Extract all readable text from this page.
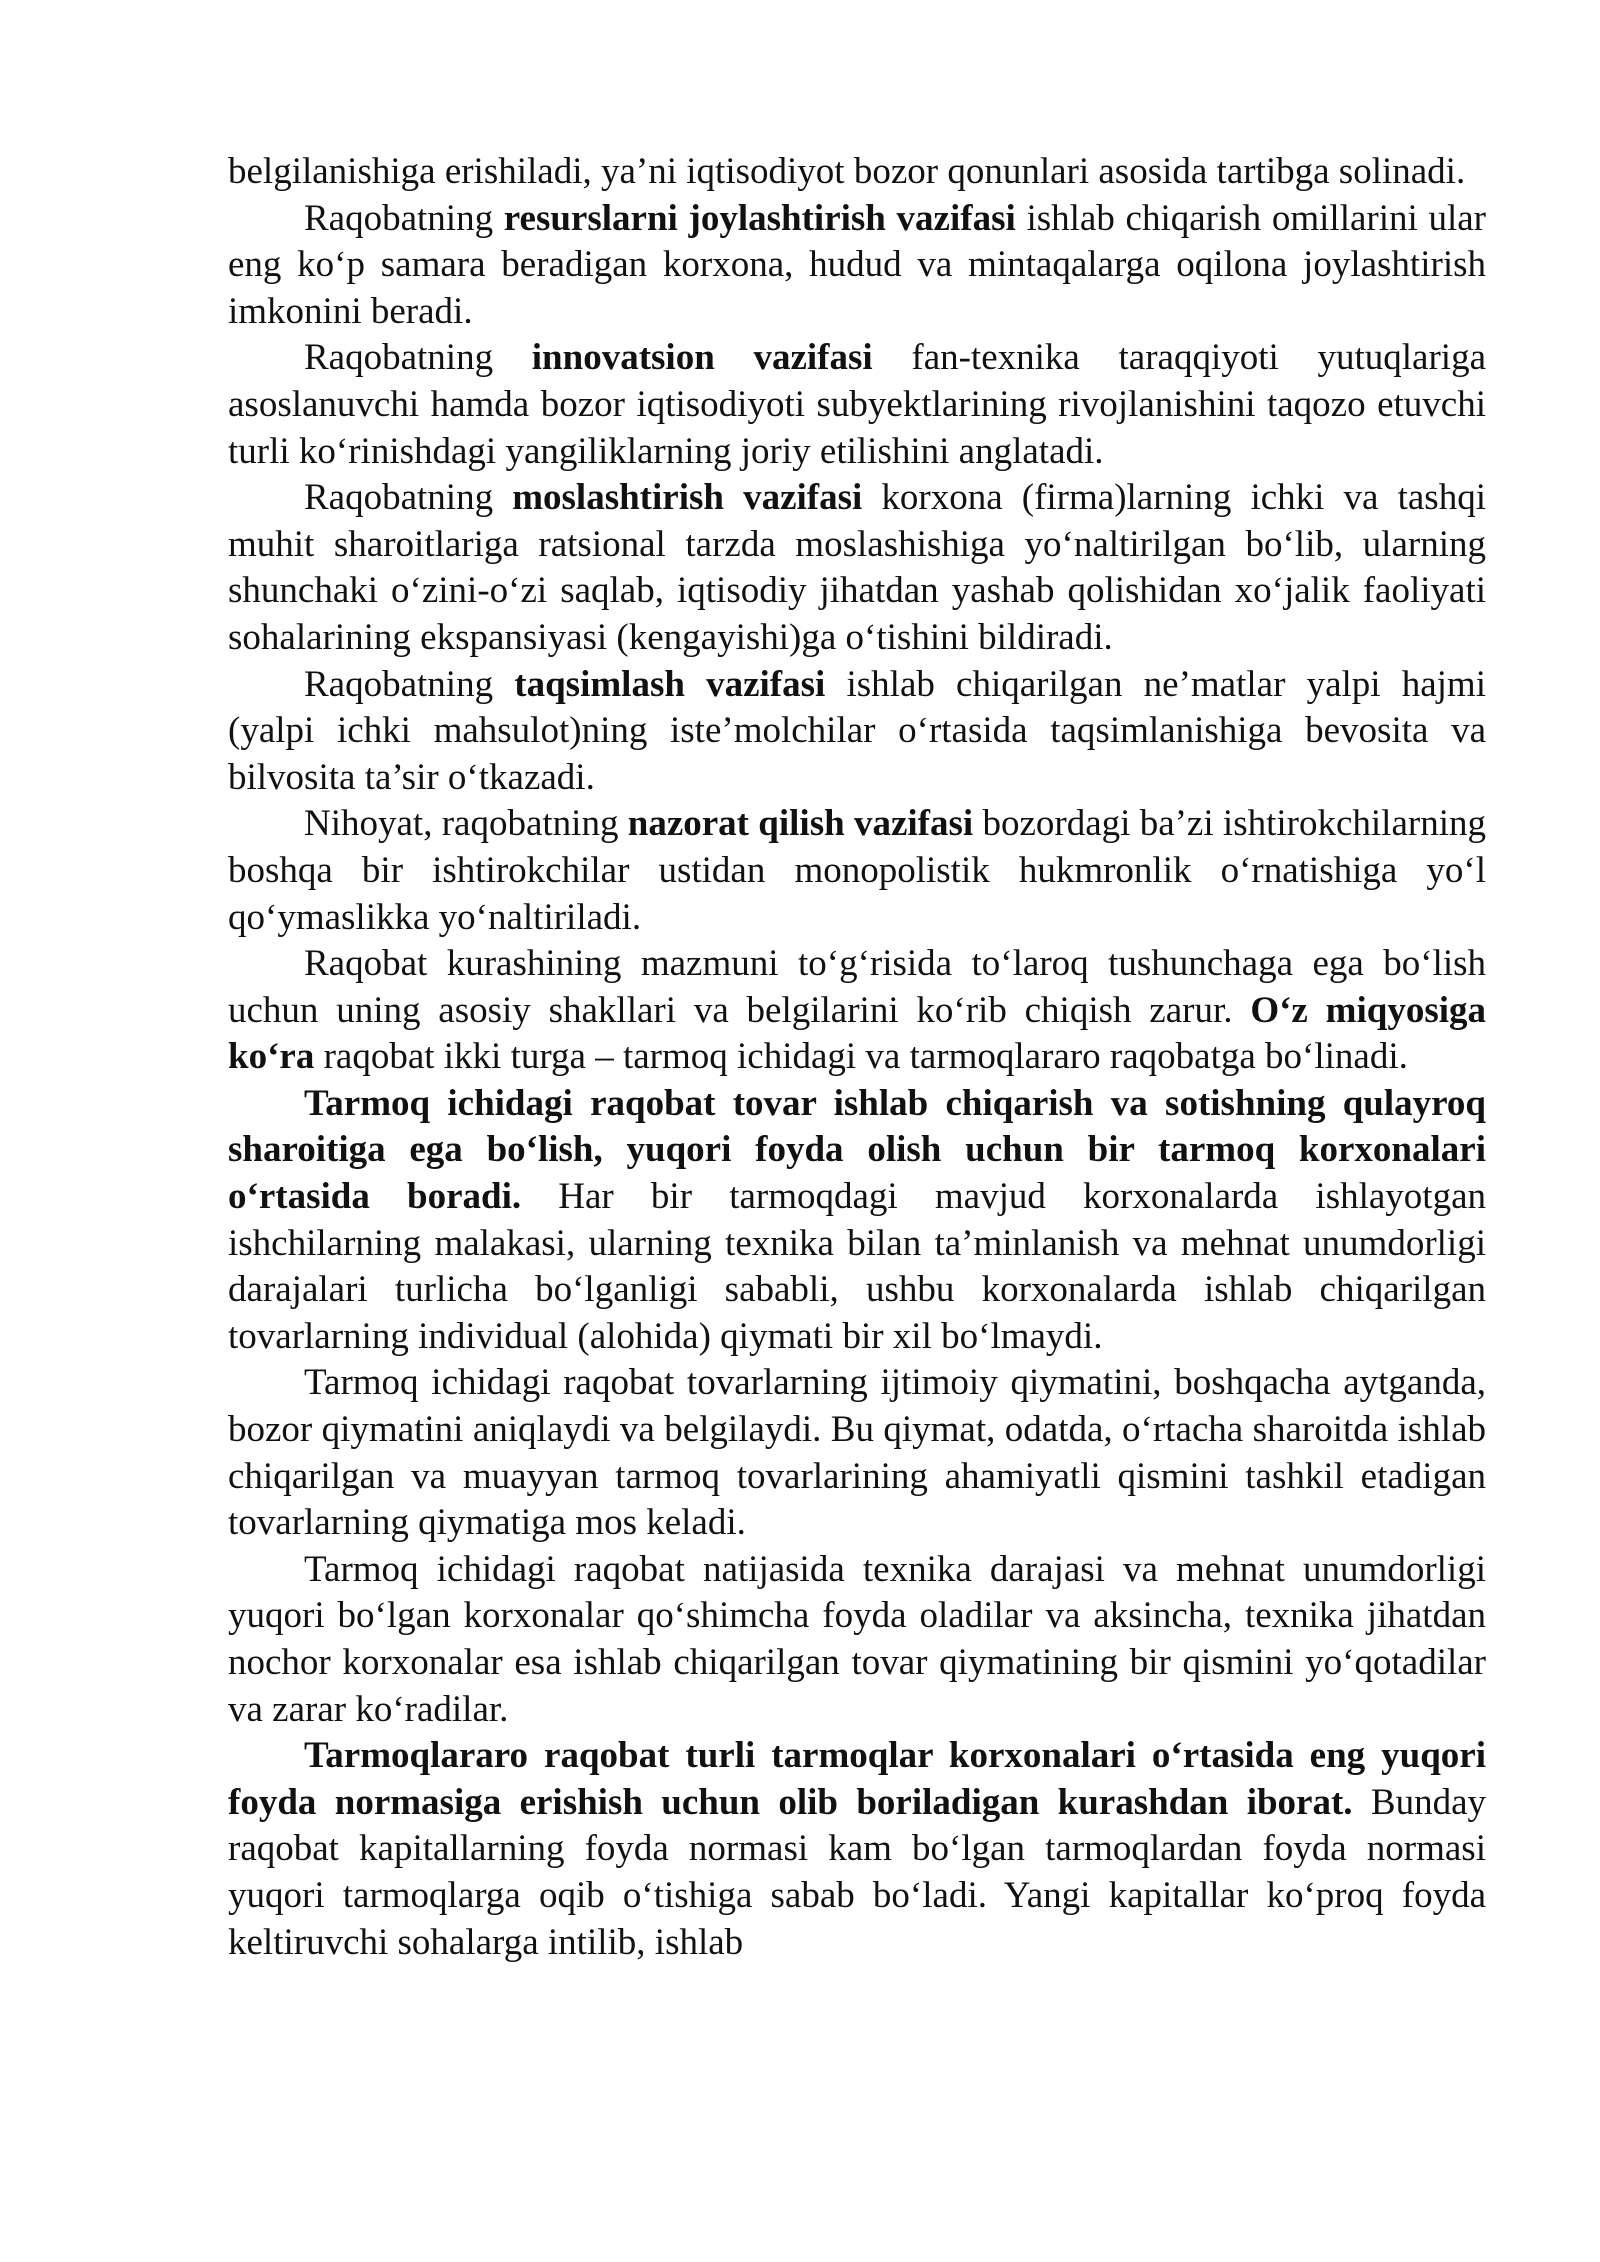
belgilanishiga erishiladi, ya’ni iqtisodiyot bozor qonunlari asosida tartibga solinadi.

Raqobatning resurslarni joylashtirish vazifasi ishlab chiqarish omillarini ular eng ko‘p samara beradigan korxona, hudud va mintaqalarga oqilona joylashtirish imkonini beradi.

Raqobatning innovatsion vazifasi fan-texnika taraqqiyoti yutuqlariga asoslanuvchi hamda bozor iqtisodiyoti subyektlarining rivojlanishini taqozo etuvchi turli ko‘rinishdagi yangiliklarning joriy etilishini anglatadi.

Raqobatning moslashtirish vazifasi korxona (firma)larning ichki va tashqi muhit sharoitlariga ratsional tarzda moslashishiga yo‘naltirilgan bo‘lib, ularning shunchaki o‘zini-o‘zi saqlab, iqtisodiy jihatdan yashab qolishidan xo‘jalik faoliyati sohalarining ekspansiyasi (kengayishi)ga o‘tishini bildiradi.

Raqobatning taqsimlash vazifasi ishlab chiqarilgan ne’matlar yalpi hajmi (yalpi ichki mahsulot)ning iste’molchilar o‘rtasida taqsimlanishiga bevosita va bilvosita ta’sir o‘tkazadi.

Nihoyat, raqobatning nazorat qilish vazifasi bozordagi ba’zi ishtirokchilarning boshqa bir ishtirokchilar ustidan monopolistik hukmronlik o‘rnatishiga yo‘l qo‘ymaslikka yo‘naltiriladi.

Raqobat kurashining mazmuni to‘g‘risida to‘laroq tushunchaga ega bo‘lish uchun uning asosiy shakllari va belgilarini ko‘rib chiqish zarur. O‘z miqyosiga ko‘ra raqobat ikki turga – tarmoq ichidagi va tarmoqlararo raqobatga bo‘linadi.

Tarmoq ichidagi raqobat tovar ishlab chiqarish va sotishning qulayroq sharoitiga ega bo‘lish, yuqori foyda olish uchun bir tarmoq korxonalari o‘rtasida boradi. Har bir tarmoqdagi mavjud korxonalarda ishlayotgan ishchilarning malakasi, ularning texnika bilan ta’minlanish va mehnat unumdorligi darajalari turlicha bo‘lganligi sababli, ushbu korxonalarda ishlab chiqarilgan tovarlarning individual (alohida) qiymati bir xil bo‘lmaydi.

Tarmoq ichidagi raqobat tovarlarning ijtimoiy qiymatini, boshqacha aytganda, bozor qiymatini aniqlaydi va belgilaydi. Bu qiymat, odatda, o‘rtacha sharoitda ishlab chiqarilgan va muayyan tarmoq tovarlarining ahamiyatli qismini tashkil etadigan tovarlarning qiymatiga mos keladi.

Tarmoq ichidagi raqobat natijasida texnika darajasi va mehnat unumdorligi yuqori bo‘lgan korxonalar qo‘shimcha foyda oladilar va aksincha, texnika jihatdan nochor korxonalar esa ishlab chiqarilgan tovar qiymatining bir qismini yo‘qotadilar va zarar ko‘radilar.

Tarmoqlararo raqobat turli tarmoqlar korxonalari o‘rtasida eng yuqori foyda normasiga erishish uchun olib boriladigan kurashdan iborat. Bunday raqobat kapitallarning foyda normasi kam bo‘lgan tarmoqlardan foyda normasi yuqori tarmoqlarga oqib o‘tishiga sabab bo‘ladi. Yangi kapitallar ko‘proq foyda keltiruvchi sohalarga intilib, ishlab
